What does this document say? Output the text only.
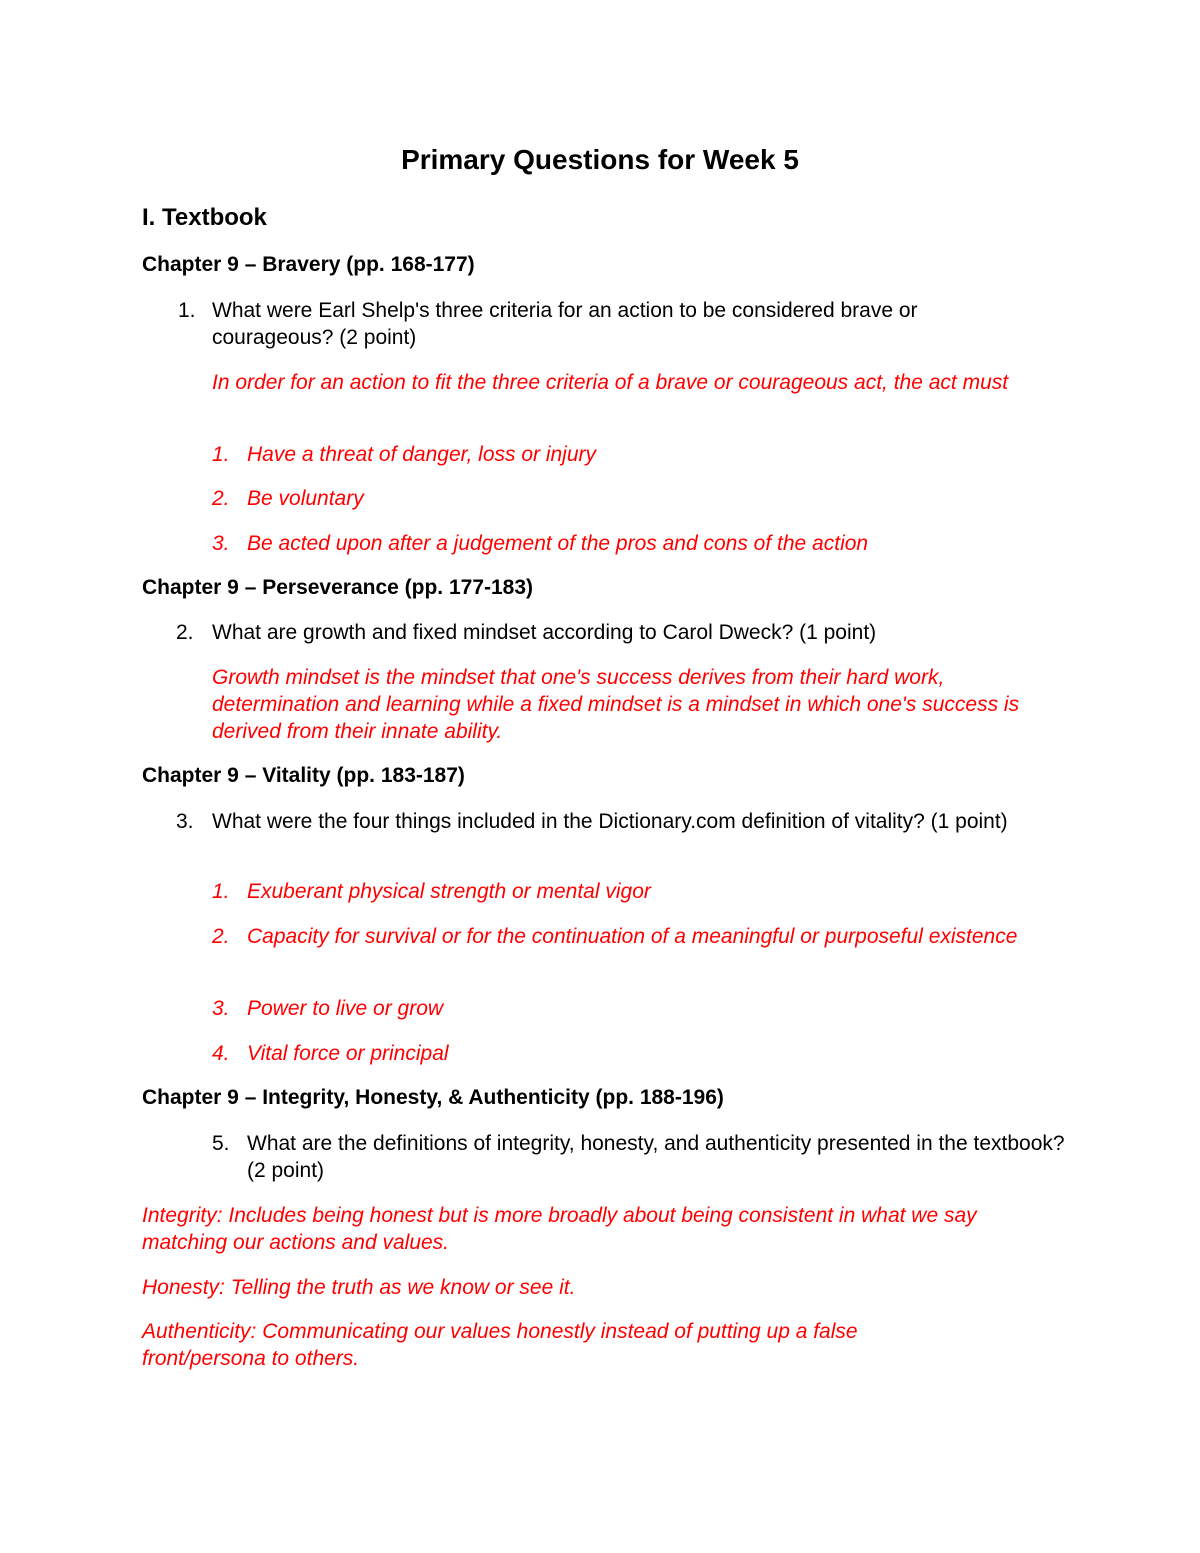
Primary Questions for Week 5
I. Textbook
Chapter 9 – Bravery (pp. 168-177)
1. What were Earl Shelp's three criteria for an action to be considered brave or courageous? (2 point)
In order for an action to fit the three criteria of a brave or courageous act, the act must
1. Have a threat of danger, loss or injury
2. Be voluntary
3. Be acted upon after a judgement of the pros and cons of the action
Chapter 9 – Perseverance (pp. 177-183)
2. What are growth and fixed mindset according to Carol Dweck? (1 point)
Growth mindset is the mindset that one's success derives from their hard work, determination and learning while a fixed mindset is a mindset in which one's success is derived from their innate ability.
Chapter 9 – Vitality (pp. 183-187)
3. What were the four things included in the Dictionary.com definition of vitality? (1 point)
1. Exuberant physical strength or mental vigor
2. Capacity for survival or for the continuation of a meaningful or purposeful existence
3. Power to live or grow
4. Vital force or principal
Chapter 9 – Integrity, Honesty, & Authenticity (pp. 188-196)
5. What are the definitions of integrity, honesty, and authenticity presented in the textbook? (2 point)
Integrity: Includes being honest but is more broadly about being consistent in what we say matching our actions and values.
Honesty: Telling the truth as we know or see it.
Authenticity: Communicating our values honestly instead of putting up a false front/persona to others.
